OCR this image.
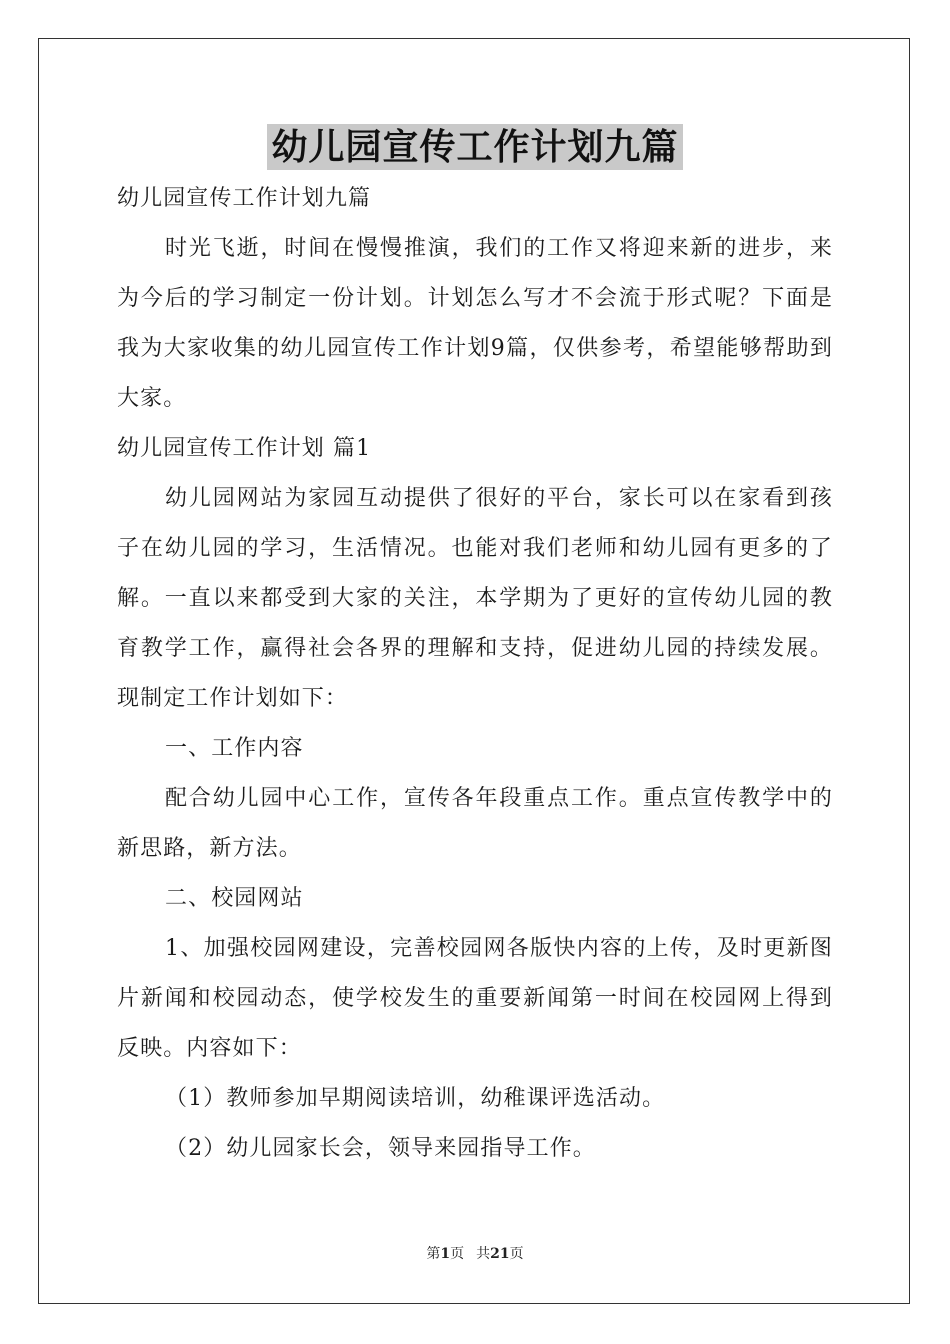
幼儿园宣传工作计划九篇
幼儿园宣传工作计划九篇

时光飞逝，时间在慢慢推演，我们的工作又将迎来新的进步，来为今后的学习制定一份计划。计划怎么写才不会流于形式呢？下面是我为大家收集的幼儿园宣传工作计划9篇，仅供参考，希望能够帮助到大家。

幼儿园宣传工作计划 篇1

幼儿园网站为家园互动提供了很好的平台，家长可以在家看到孩子在幼儿园的学习，生活情况。也能对我们老师和幼儿园有更多的了解。一直以来都受到大家的关注，本学期为了更好的宣传幼儿园的教育教学工作，赢得社会各界的理解和支持，促进幼儿园的持续发展。现制定工作计划如下：

一、工作内容

配合幼儿园中心工作，宣传各年段重点工作。重点宣传教学中的新思路，新方法。

二、校园网站

1、加强校园网建设，完善校园网各版快内容的上传，及时更新图片新闻和校园动态，使学校发生的重要新闻第一时间在校园网上得到反映。内容如下：

（1）教师参加早期阅读培训，幼稚课评选活动。
（2）幼儿园家长会，领导来园指导工作。
第1页 共21页
